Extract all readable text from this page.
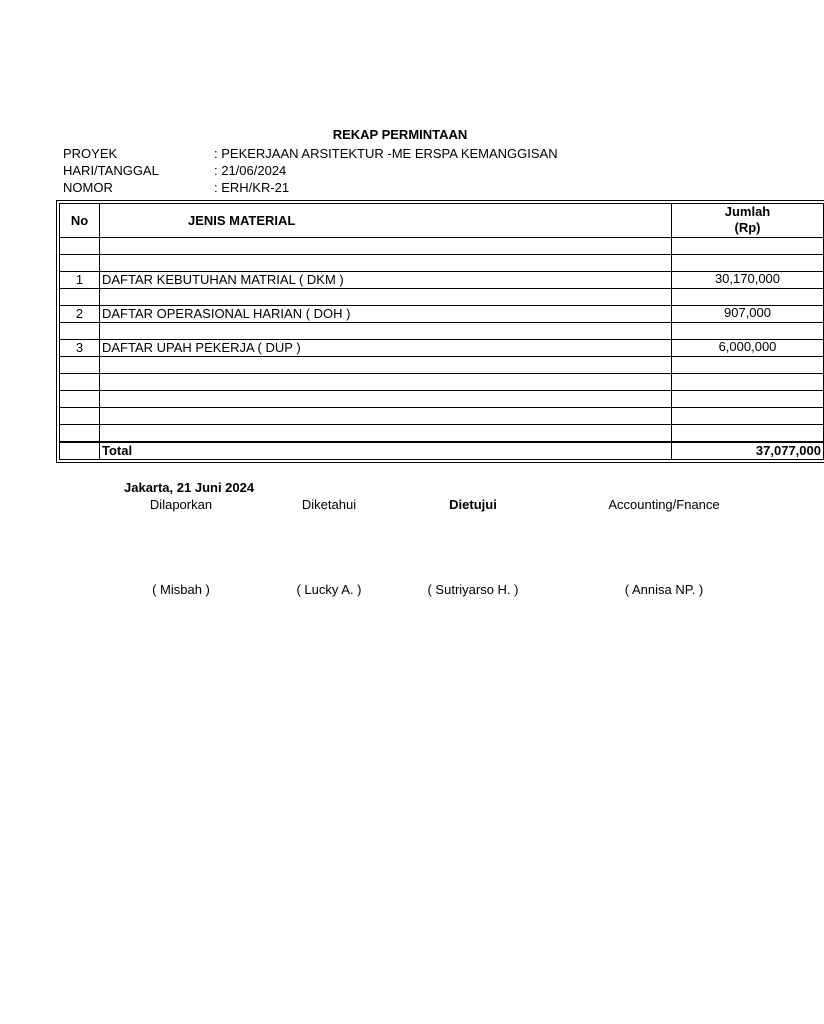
REKAP PERMINTAAN
PROYEK	: PEKERJAAN ARSITEKTUR -ME ERSPA KEMANGGISAN
HARI/TANGGAL	: 21/06/2024
NOMOR	: ERH/KR-21
No	JENIS MATERIAL	Jumlah
(Rp)

1	DAFTAR KEBUTUHAN MATRIAL ( DKM )	30,170,000

2	DAFTAR OPERASIONAL HARIAN ( DOH )	907,000

3	DAFTAR UPAH PEKERJA ( DUP )	6,000,000

	Total	37,077,000
Jakarta, 21 Juni 2024
Dilaporkan	Diketahui	Dietujui	Accounting/Fnance
( Misbah )	( Lucky A. )	( Sutriyarso H. )	( Annisa NP. )
